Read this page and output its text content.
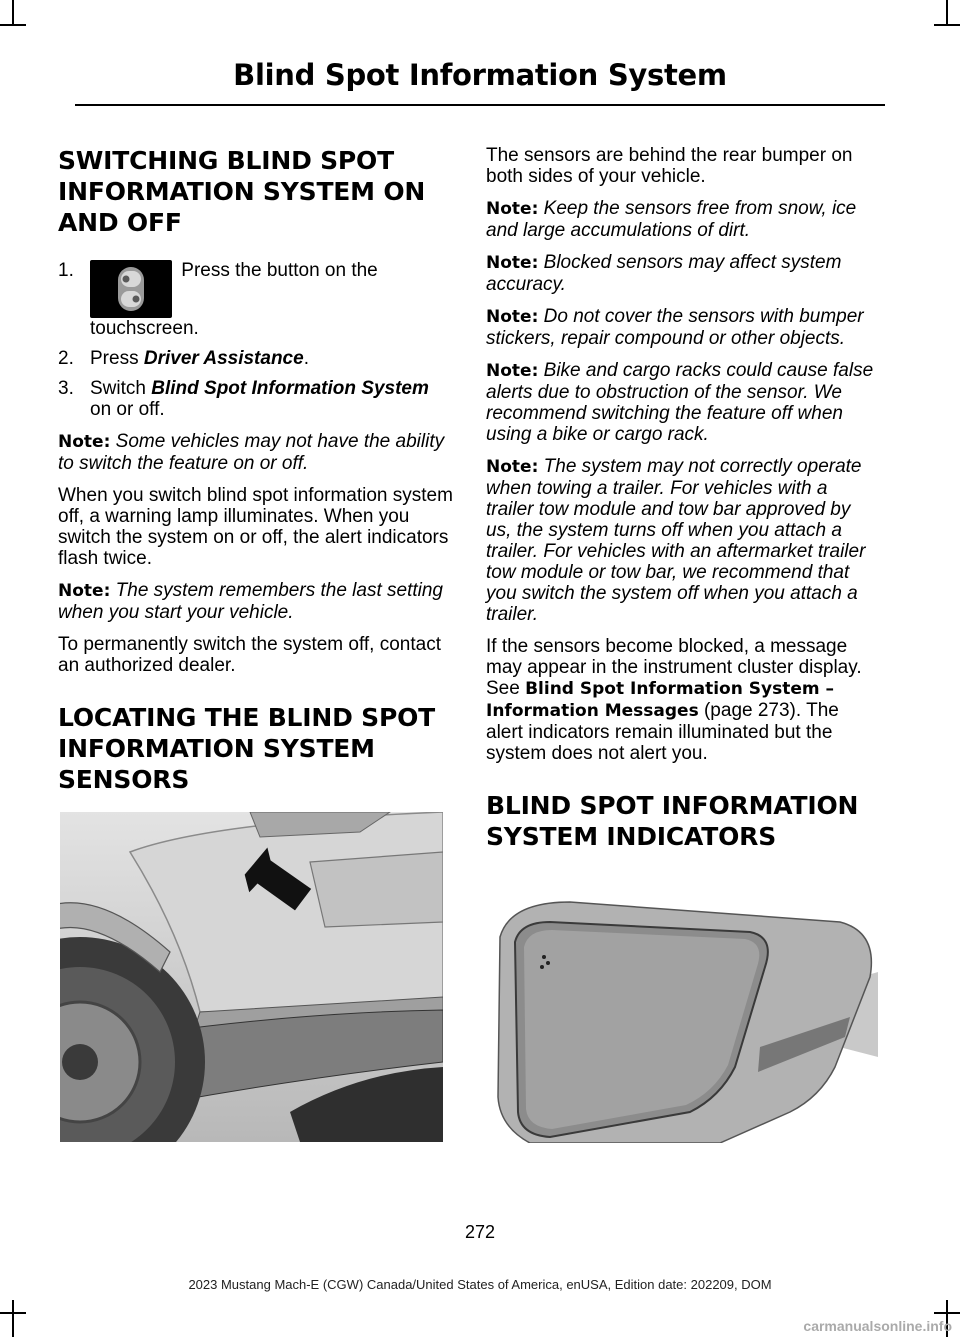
Blind Spot Information System
SWITCHING BLIND SPOT
INFORMATION SYSTEM ON
AND OFF
1.	Press the button on the touchscreen.
2. Press Driver Assistance.
3. Switch Blind Spot Information System on or off.

Note: Some vehicles may not have the ability to switch the feature on or off.

When you switch blind spot information system off, a warning lamp illuminates. When you switch the system on or off, the alert indicators flash twice.

Note: The system remembers the last setting when you start your vehicle.

To permanently switch the system off, contact an authorized dealer.

LOCATING THE BLIND SPOT
INFORMATION SYSTEM
SENSORS

The sensors are behind the rear bumper on both sides of your vehicle.

Note: Keep the sensors free from snow, ice and large accumulations of dirt.

Note: Blocked sensors may affect system accuracy.

Note: Do not cover the sensors with bumper stickers, repair compound or other objects.

Note: Bike and cargo racks could cause false alerts due to obstruction of the sensor. We recommend switching the feature off when using a bike or cargo rack.

Note: The system may not correctly operate when towing a trailer. For vehicles with a trailer tow module and tow bar approved by us, the system turns off when you attach a trailer. For vehicles with an aftermarket trailer tow module or tow bar, we recommend that you switch the system off when you attach a trailer.

If the sensors become blocked, a message may appear in the instrument cluster display. See Blind Spot Information System – Information Messages (page 273). The alert indicators remain illuminated but the system does not alert you.

BLIND SPOT INFORMATION
SYSTEM INDICATORS
272
2023 Mustang Mach-E (CGW) Canada/United States of America, enUSA, Edition date: 202209, DOM
carmanualsonline.info
